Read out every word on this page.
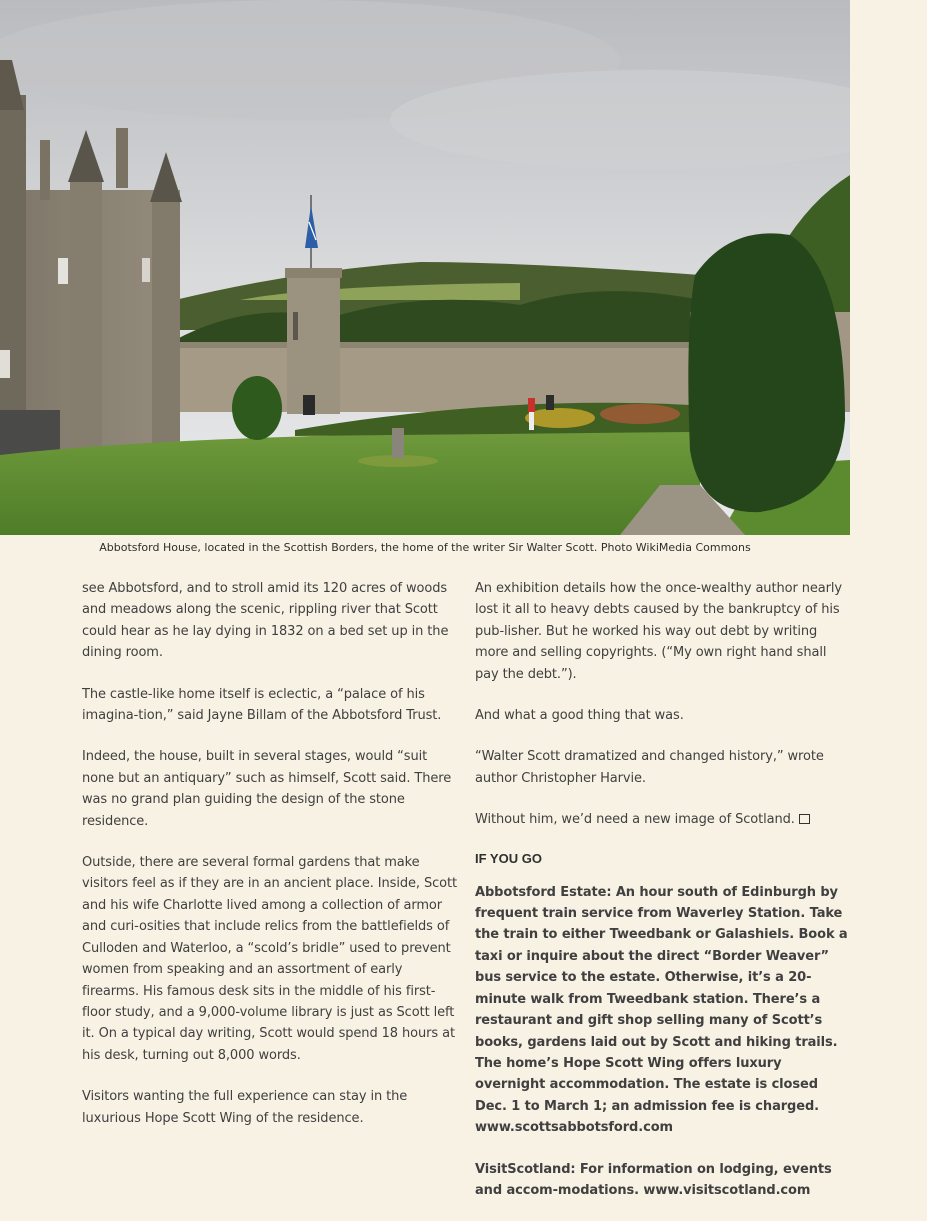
Abbotsford House, located in the Scottish Borders, the home of the writer Sir Walter Scott. Photo WikiMedia Commons

see Abbotsford, and to stroll amid its 120 acres of woods and meadows along the scenic, rippling river that Scott could hear as he lay dying in 1832 on a bed set up in the dining room.

The castle-like home itself is eclectic, a “palace of his imagina-tion,” said Jayne Billam of the Abbotsford Trust.

Indeed, the house, built in several stages, would “suit none but an antiquary” such as himself, Scott said. There was no grand plan guiding the design of the stone residence.

Outside, there are several formal gardens that make visitors feel as if they are in an ancient place. Inside, Scott and his wife Charlotte lived among a collection of armor and curi-osities that include relics from the battlefields of Culloden and Waterloo, a “scold’s bridle” used to prevent women from speaking and an assortment of early firearms. His famous desk sits in the middle of his first-floor study, and a 9,000-volume library is just as Scott left it. On a typical day writing, Scott would spend 18 hours at his desk, turning out 8,000 words.

Visitors wanting the full experience can stay in the luxurious Hope Scott Wing of the residence.

An exhibition details how the once-wealthy author nearly lost it all to heavy debts caused by the bankruptcy of his pub-lisher. But he worked his way out debt by writing more and selling copyrights. (“My own right hand shall pay the debt.”).

And what a good thing that was.

“Walter Scott dramatized and changed history,” wrote author Christopher Harvie.

Without him, we’d need a new image of Scotland.

IF YOU GO

Abbotsford Estate: An hour south of Edinburgh by frequent train service from Waverley Station. Take the train to either Tweedbank or Galashiels. Book a taxi or inquire about the direct “Border Weaver” bus service to the estate. Otherwise, it’s a 20-minute walk from Tweedbank station. There’s a restaurant and gift shop selling many of Scott’s books, gardens laid out by Scott and hiking trails. The home’s Hope Scott Wing offers luxury overnight accommodation. The estate is closed Dec. 1 to March 1; an admission fee is charged. www.scottsabbotsford.com

VisitScotland: For information on lodging, events and accom-modations. www.visitscotland.com
